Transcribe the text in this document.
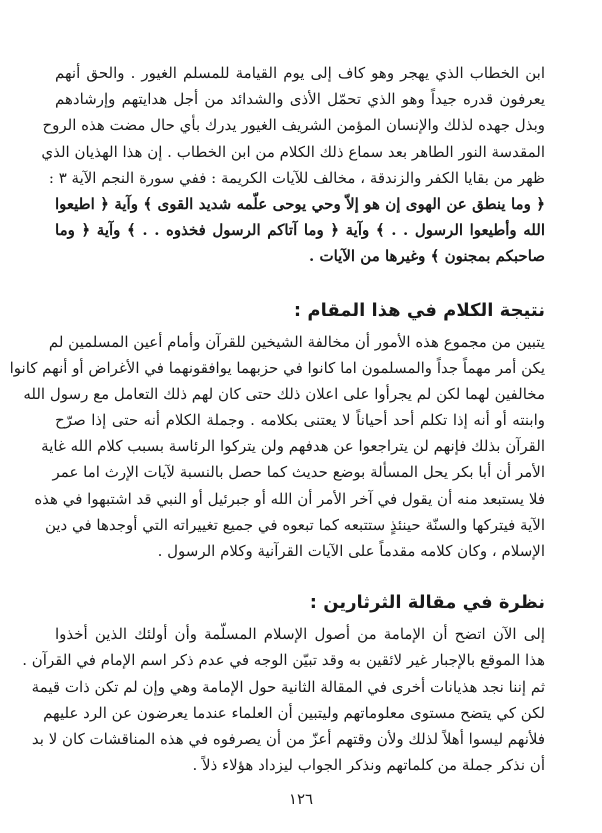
ابن الخطاب الذي يهجر وهو كاف إلى يوم القيامة للمسلم الغيور . والحق أنهم
يعرفون قدره جيداً وهو الذي تحمّل الأذى والشدائد من أجل هدايتهم وإرشادهم
وبذل جهده لذلك والإنسان المؤمن الشريف الغيور يدرك بأي حال مضت هذه الروح
المقدسة النور الطاهر بعد سماع ذلك الكلام من ابن الخطاب . إن هذا الهذيان الذي
ظهر من بقايا الكفر والزندقة ، مخالف للآيات الكريمة : ففي سورة النجم الآية ٣ :
﴿ وما ينطق عن الهوى إن هو إلاّ وحي يوحى علّمه شديد القوى ﴾ وآية ﴿ اطيعوا
الله وأطيعوا الرسول . . ﴾ وآية ﴿ وما آتاكم الرسول فخذوه . . ﴾ وآية ﴿ وما
صاحبكم بمجنون ﴾ وغيرها من الآيات .
نتيجة الكلام في هذا المقام :
يتبين من مجموع هذه الأمور أن مخالفة الشيخين للقرآن وأمام أعين المسلمين لم
يكن أمر مهماً جداً والمسلمون اما كانوا في حزبهما يوافقونهما في الأغراض أو أنهم كانوا
مخالفين لهما لكن لم يجرأوا على اعلان ذلك حتى كان لهم ذلك التعامل مع رسول الله
وابنته أو أنه إذا تكلم أحد أحياناً لا يعتنى بكلامه . وجملة الكلام أنه حتى إذا صرّح
القرآن بذلك فإنهم لن يتراجعوا عن هدفهم ولن يتركوا الرئاسة بسبب كلام الله غاية
الأمر أن أبا بكر يحل المسألة بوضع حديث كما حصل بالنسبة لآيات الإرث اما عمر
فلا يستبعد منه أن يقول في آخر الأمر أن الله أو جبرئيل أو النبي قد اشتبهوا في هذه
الآية فيتركها والسنّة حينئذٍ ستتبعه كما تبعوه في جميع تغييراته التي أوجدها في دين
الإسلام ، وكان كلامه مقدماً على الآيات القرآنية وكلام الرسول .
نظرة في مقالة الثرثارين :
إلى الآن اتضح أن الإمامة من أصول الإسلام المسلّمة وأن أولئك الذين أخذوا
هذا الموقع بالإجبار غير لائقين به وقد تبيّن الوجه في عدم ذكر اسم الإمام في القرآن .
ثم إننا نجد هذيانات أخرى في المقالة الثانية حول الإمامة وهي وإن لم تكن ذات قيمة
لكن كي يتضح مستوى معلوماتهم وليتبين أن العلماء عندما يعرضون عن الرد عليهم
فلأنهم ليسوا أهلاً لذلك ولأن وقتهم أعزّ من أن يصرفوه في هذه المناقشات كان لا بد
أن نذكر جملة من كلماتهم ونذكر الجواب ليزداد هؤلاء ذلاً .
١٢٦
